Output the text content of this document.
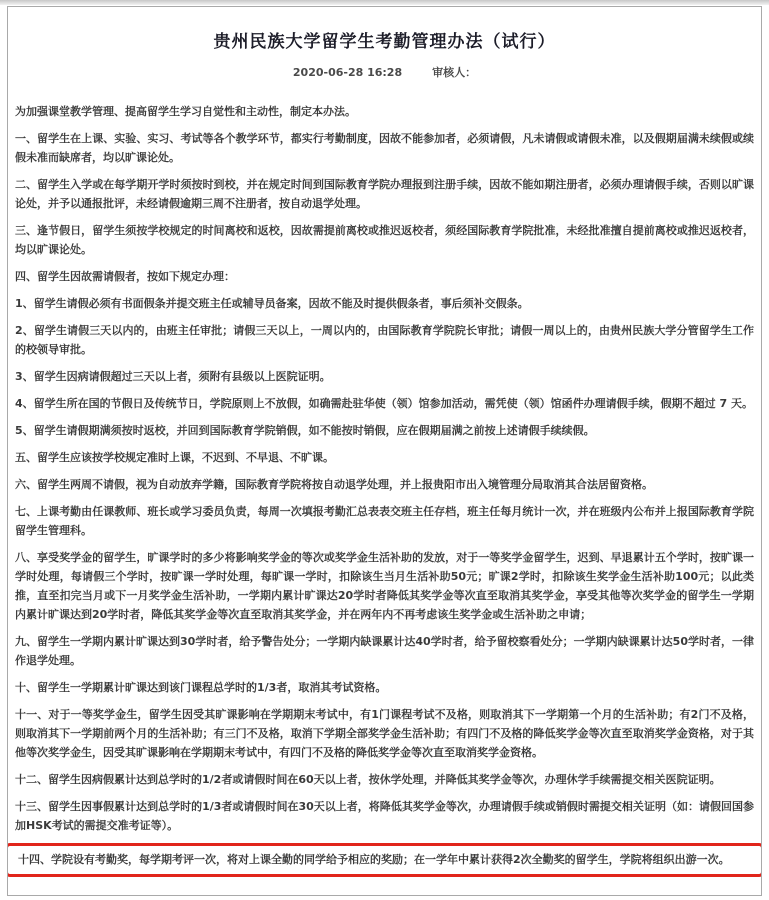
贵州民族大学留学生考勤管理办法（试行）
2020-06-28 16:28	审核人：

为加强课堂教学管理、提高留学生学习自觉性和主动性，制定本办法。

一、留学生在上课、实验、实习、考试等各个教学环节，都实行考勤制度，因故不能参加者，必须请假，凡未请假或请假未准，以及假期届满未续假或续假未准而缺席者，均以旷课论处。

二、留学生入学或在每学期开学时须按时到校，并在规定时间到国际教育学院办理报到注册手续，因故不能如期注册者，必须办理请假手续，否则以旷课论处，并予以通报批评，未经请假逾期三周不注册者，按自动退学处理。

三、逢节假日，留学生须按学校规定的时间离校和返校，因故需提前离校或推迟返校者，须经国际教育学院批准，未经批准擅自提前离校或推迟返校者，均以旷课论处。

四、留学生因故需请假者，按如下规定办理：

1、留学生请假必须有书面假条并提交班主任或辅导员备案，因故不能及时提供假条者，事后须补交假条。

2、留学生请假三天以内的，由班主任审批；请假三天以上，一周以内的，由国际教育学院院长审批；请假一周以上的，由贵州民族大学分管留学生工作的校领导审批。

3、留学生因病请假超过三天以上者，须附有县级以上医院证明。

4、留学生所在国的节假日及传统节日，学院原则上不放假，如确需赴驻华使（领）馆参加活动，需凭使（领）馆函件办理请假手续，假期不超过 7 天。

5、留学生请假期满须按时返校，并回到国际教育学院销假，如不能按时销假，应在假期届满之前按上述请假手续续假。

五、留学生应该按学校规定准时上课，不迟到、不早退、不旷课。

六、留学生两周不请假，视为自动放弃学籍，国际教育学院将按自动退学处理，并上报贵阳市出入境管理分局取消其合法居留资格。

七、上课考勤由任课教师、班长或学习委员负责，每周一次填报考勤汇总表表交班主任存档，班主任每月统计一次，并在班级内公布并上报国际教育学院留学生管理科。

八、享受奖学金的留学生，旷课学时的多少将影响奖学金的等次或奖学金生活补助的发放，对于一等奖学金留学生，迟到、早退累计五个学时，按旷课一学时处理，每请假三个学时，按旷课一学时处理，每旷课一学时，扣除该生当月生活补助50元；旷课2学时，扣除该生奖学金生活补助100元；以此类推，直至扣完当月或下一月奖学金生活补助，一学期内累计旷课达20学时者降低其奖学金等次直至取消其奖学金，享受其他等次奖学金的留学生一学期内累计旷课达到20学时者，降低其奖学金等次直至取消其奖学金，并在两年内不再考虑该生奖学金或生活补助之申请；

九、留学生一学期内累计旷课达到30学时者，给予警告处分；一学期内缺课累计达40学时者，给予留校察看处分；一学期内缺课累计达50学时者，一律作退学处理。

十、留学生一学期累计旷课达到该门课程总学时的1/3者，取消其考试资格。

十一、对于一等奖学金生，留学生因受其旷课影响在学期期末考试中，有1门课程考试不及格，则取消其下一学期第一个月的生活补助；有2门不及格，则取消其下一学期前两个月的生活补助；有三门不及格，取消下学期全部奖学金生活补助；有四门不及格的降低奖学金等次直至取消奖学金资格，对于其他等次奖学金生，因受其旷课影响在学期期末考试中，有四门不及格的降低奖学金等次直至取消奖学金资格。

十二、留学生因病假累计达到总学时的1/2者或请假时间在60天以上者，按休学处理，并降低其奖学金等次，办理休学手续需提交相关医院证明。

十三、留学生因事假累计达到总学时的1/3者或请假时间在30天以上者，将降低其奖学金等次，办理请假手续或销假时需提交相关证明（如：请假回国参加HSK考试的需提交准考证等）。

十四、学院设有考勤奖，每学期考评一次，将对上课全勤的同学给予相应的奖励；在一学年中累计获得2次全勤奖的留学生，学院将组织出游一次。
